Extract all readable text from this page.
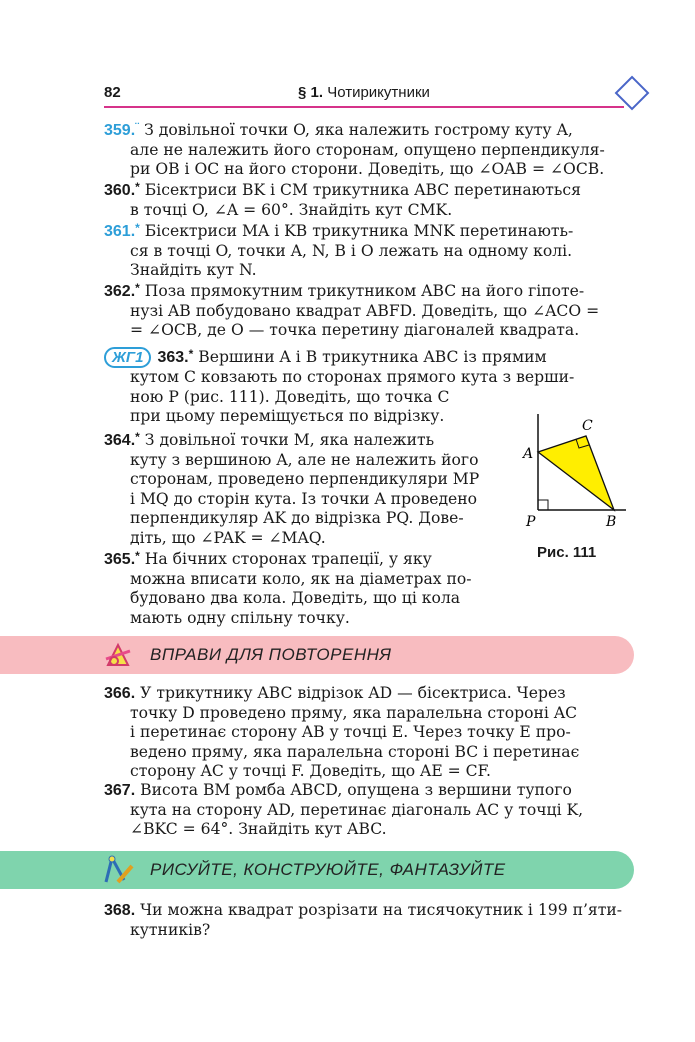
82	§ 1. Чотирикутники
359.¨ З довільної точки O, яка належить гострому куту A,
але не належить його сторонам, опущено перпендикуля-
ри OB і OC на його сторони. Доведіть, що ∠OAB = ∠OCB.
360.* Бісектриси BK і CM трикутника ABC перетинаються
в точці O, ∠A = 60°. Знайдіть кут CMK.
361.* Бісектриси MA і KB трикутника MNK перетинають-
ся в точці O, точки A, N, B і O лежать на одному колі.
Знайдіть кут N.
362.* Поза прямокутним трикутником ABC на його гіпоте-
нузі AB побудовано квадрат ABFD. Доведіть, що ∠ACO =
= ∠OCB, де O — точка перетину діагоналей квадрата.
ЖГ1 363.* Вершини A і B трикутника ABC із прямим
кутом C ковзають по сторонах прямого кута з верши-
ною P (рис. 111). Доведіть, що точка C
при цьому переміщується по відрізку.
364.* З довільної точки M, яка належить
куту з вершиною A, але не належить його
сторонам, проведено перпендикуляри MP
і MQ до сторін кута. Із точки A проведено
перпендикуляр AK до відрізка PQ. Дове-
діть, що ∠PAK = ∠MAQ.
365.* На бічних сторонах трапеції, у яку
можна вписати коло, як на діаметрах по-
будовано два кола. Доведіть, що ці кола
мають одну спільну точку.
A
C
P	B
Рис. 111
ВПРАВИ ДЛЯ ПОВТОРЕННЯ
366. У трикутнику ABC відрізок AD — бісектриса. Через
точку D проведено пряму, яка паралельна стороні AC
і перетинає сторону AB у точці E. Через точку E про-
ведено пряму, яка паралельна стороні BC і перетинає
сторону AC у точці F. Доведіть, що AE = CF.
367. Висота BM ромба ABCD, опущена з вершини тупого
кута на сторону AD, перетинає діагональ AC у точці K,
∠BKC = 64°. Знайдіть кут ABC.
РИСУЙТЕ, КОНСТРУЮЙТЕ, ФАНТАЗУЙТЕ
368. Чи можна квадрат розрізати на тисячокутник і 199 п’яти-
кутників?
